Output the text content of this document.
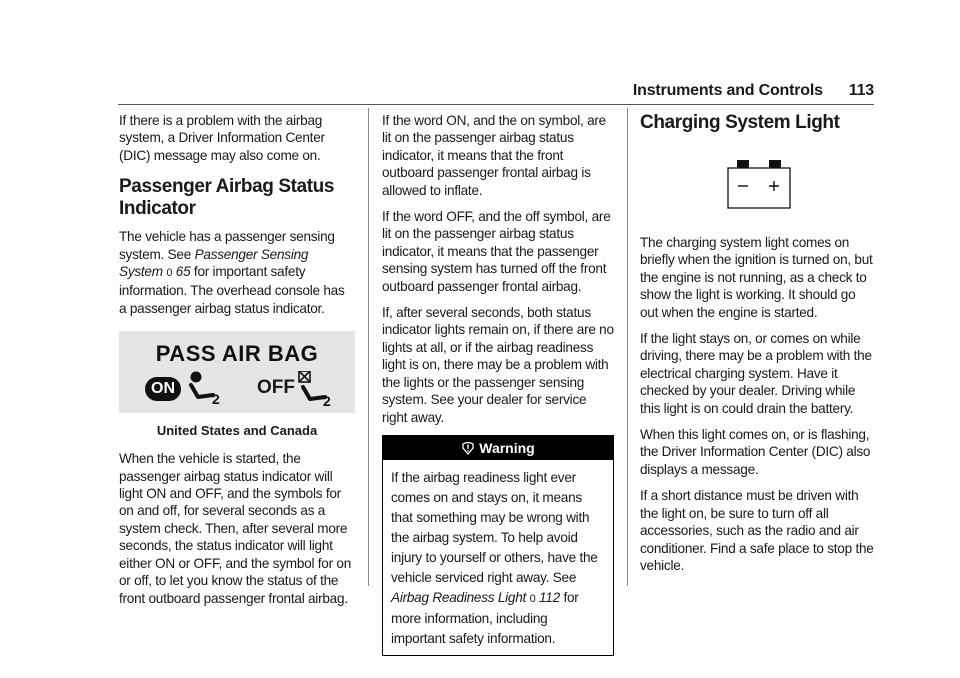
Instruments and Controls 113

If there is a problem with the airbag system, a Driver Information Center (DIC) message may also come on.

Passenger Airbag Status Indicator

The vehicle has a passenger sensing system. See Passenger Sensing System 0 65 for important safety information. The overhead console has a passenger airbag status indicator.

PASS AIR BAG
ON
2
OFF
2
United States and Canada

When the vehicle is started, the passenger airbag status indicator will light ON and OFF, and the symbols for on and off, for several seconds as a system check. Then, after several more seconds, the status indicator will light either ON or OFF, and the symbol for on or off, to let you know the status of the front outboard passenger frontal airbag.

If the word ON, and the on symbol, are lit on the passenger airbag status indicator, it means that the front outboard passenger frontal airbag is allowed to inflate.

If the word OFF, and the off symbol, are lit on the passenger airbag status indicator, it means that the passenger sensing system has turned off the front outboard passenger frontal airbag.

If, after several seconds, both status indicator lights remain on, if there are no lights at all, or if the airbag readiness light is on, there may be a problem with the lights or the passenger sensing system. See your dealer for service right away.

Warning

If the airbag readiness light ever comes on and stays on, it means that something may be wrong with the airbag system. To help avoid injury to yourself or others, have the vehicle serviced right away. See Airbag Readiness Light 0 112 for more information, including important safety information.

Charging System Light

The charging system light comes on briefly when the ignition is turned on, but the engine is not running, as a check to show the light is working. It should go out when the engine is started.

If the light stays on, or comes on while driving, there may be a problem with the electrical charging system. Have it checked by your dealer. Driving while this light is on could drain the battery.

When this light comes on, or is flashing, the Driver Information Center (DIC) also displays a message.

If a short distance must be driven with the light on, be sure to turn off all accessories, such as the radio and air conditioner. Find a safe place to stop the vehicle.
